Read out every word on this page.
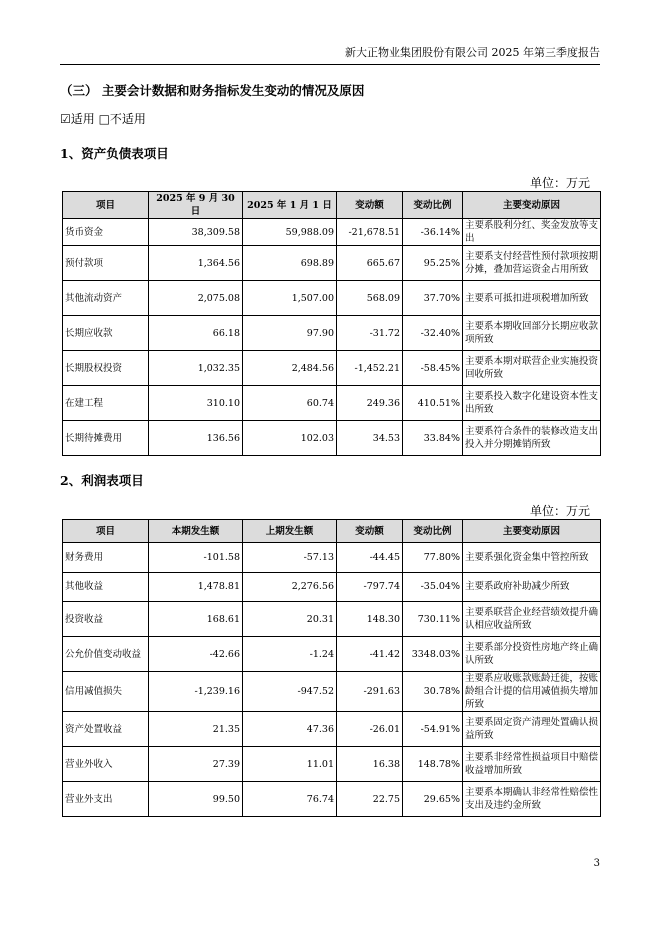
新大正物业集团股份有限公司 2025 年第三季度报告
（三） 主要会计数据和财务指标发生变动的情况及原因
☑适用 □不适用
1、资产负债表项目
单位：万元
项目	2025 年 9 月 30 日	2025 年 1 月 1 日	变动额	变动比例	主要变动原因
货币资金	38,309.58	59,988.09	-21,678.51	-36.14%	主要系股利分红、奖金发放等支出
预付款项	1,364.56	698.89	665.67	95.25%	主要系支付经营性预付款项按期分摊，叠加营运资金占用所致
其他流动资产	2,075.08	1,507.00	568.09	37.70%	主要系可抵扣进项税增加所致
长期应收款	66.18	97.90	-31.72	-32.40%	主要系本期收回部分长期应收款项所致
长期股权投资	1,032.35	2,484.56	-1,452.21	-58.45%	主要系本期对联营企业实施投资回收所致
在建工程	310.10	60.74	249.36	410.51%	主要系投入数字化建设资本性支出所致
长期待摊费用	136.56	102.03	34.53	33.84%	主要系符合条件的装修改造支出投入并分期摊销所致
2、利润表项目
单位：万元
项目	本期发生额	上期发生额	变动额	变动比例	主要变动原因
财务费用	-101.58	-57.13	-44.45	77.80%	主要系强化资金集中管控所致
其他收益	1,478.81	2,276.56	-797.74	-35.04%	主要系政府补助减少所致
投资收益	168.61	20.31	148.30	730.11%	主要系联营企业经营绩效提升确认相应收益所致
公允价值变动收益	-42.66	-1.24	-41.42	3348.03%	主要系部分投资性房地产终止确认所致
信用减值损失	-1,239.16	-947.52	-291.63	30.78%	主要系应收账款账龄迁徙，按账龄组合计提的信用减值损失增加所致
资产处置收益	21.35	47.36	-26.01	-54.91%	主要系固定资产清理处置确认损益所致
营业外收入	27.39	11.01	16.38	148.78%	主要系非经常性损益项目中赔偿收益增加所致
营业外支出	99.50	76.74	22.75	29.65%	主要系本期确认非经常性赔偿性支出及违约金所致
3
